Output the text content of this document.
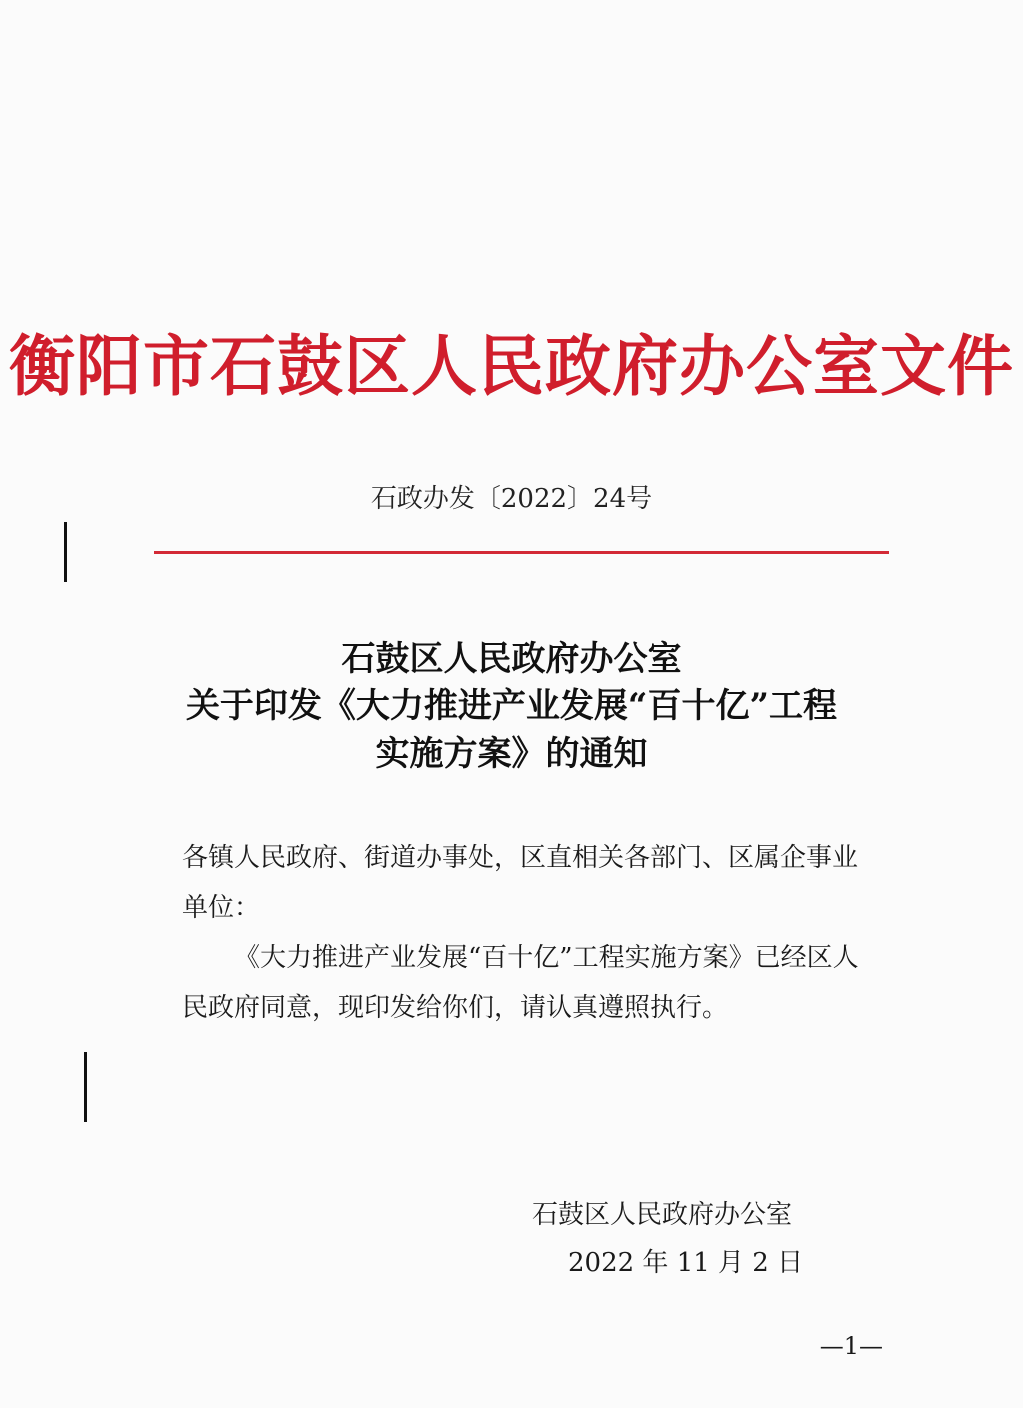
衡阳市石鼓区人民政府办公室文件
石政办发〔2022〕24号
石鼓区人民政府办公室
关于印发《大力推进产业发展“百十亿”工程
实施方案》的通知
各镇人民政府、街道办事处，区直相关各部门、区属企事业
单位：
《大力推进产业发展“百十亿”工程实施方案》已经区人
民政府同意，现印发给你们，请认真遵照执行。
石鼓区人民政府办公室
2022 年 11 月 2 日
—1—
